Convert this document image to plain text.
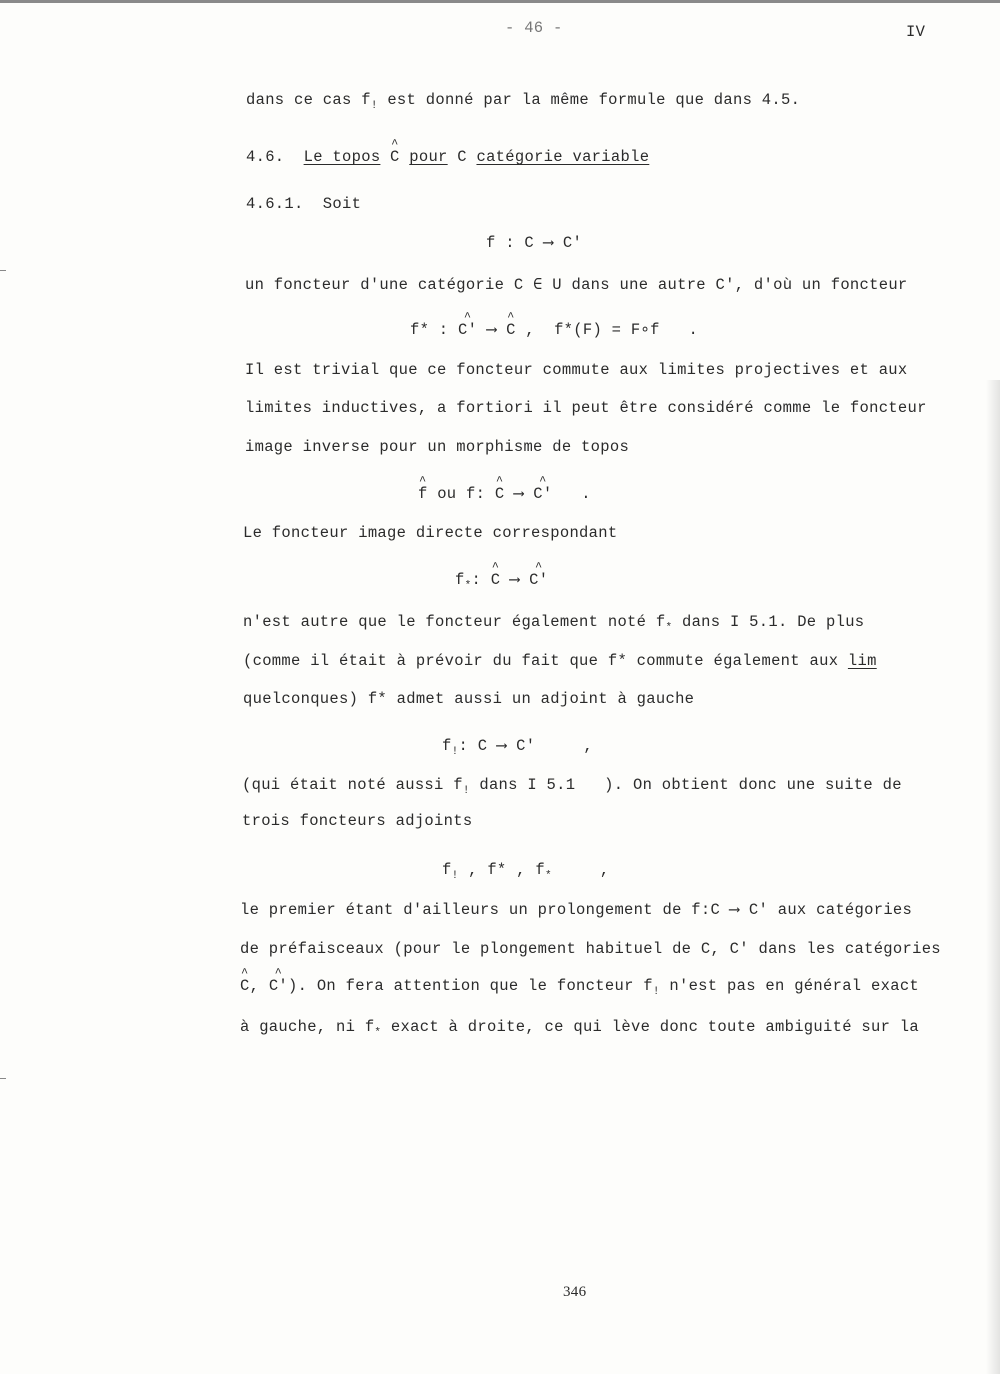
- 46 -	IV
dans ce cas $f_!$ est donné par la même formule que dans 4.5.
4.6.  Le topos ^ C pour C catégorie variable
4.6.1.  Soit
f : C ⟶ C'
un foncteur d'une catégorie C ∈ U dans une autre C', d'où un foncteur
f* : ^ C' ⟶ ^ C ,  f*(F) = F∘f   .
Il est trivial que ce foncteur commute aux limites projectives et aux
limites inductives, a fortiori il peut être considéré comme le foncteur
image inverse pour un morphisme de topos
^ f ou f: ^ C ⟶ ^ C'   .
Le foncteur image directe correspondant
$f_*$: ^ C ⟶ ^ C'
n'est autre que le foncteur également noté $f_*$ dans I 5.1. De plus
(comme il était à prévoir du fait que f* commute également aux lim
quelconques) f* admet aussi un adjoint à gauche
$f_!$: C ⟶ C'     ,
(qui était noté aussi $f_!$ dans I 5.1   ). On obtient donc une suite de
trois foncteurs adjoints
$f_!$ , f* , $f_*$     ,
le premier étant d'ailleurs un prolongement de f:C ⟶ C' aux catégories
de préfaisceaux (pour le plongement habituel de C, C' dans les catégories
^ C, ^ C'). On fera attention que le foncteur $f_!$ n'est pas en général exact
à gauche, ni $f_*$ exact à droite, ce qui lève donc toute ambiguité sur la
346
